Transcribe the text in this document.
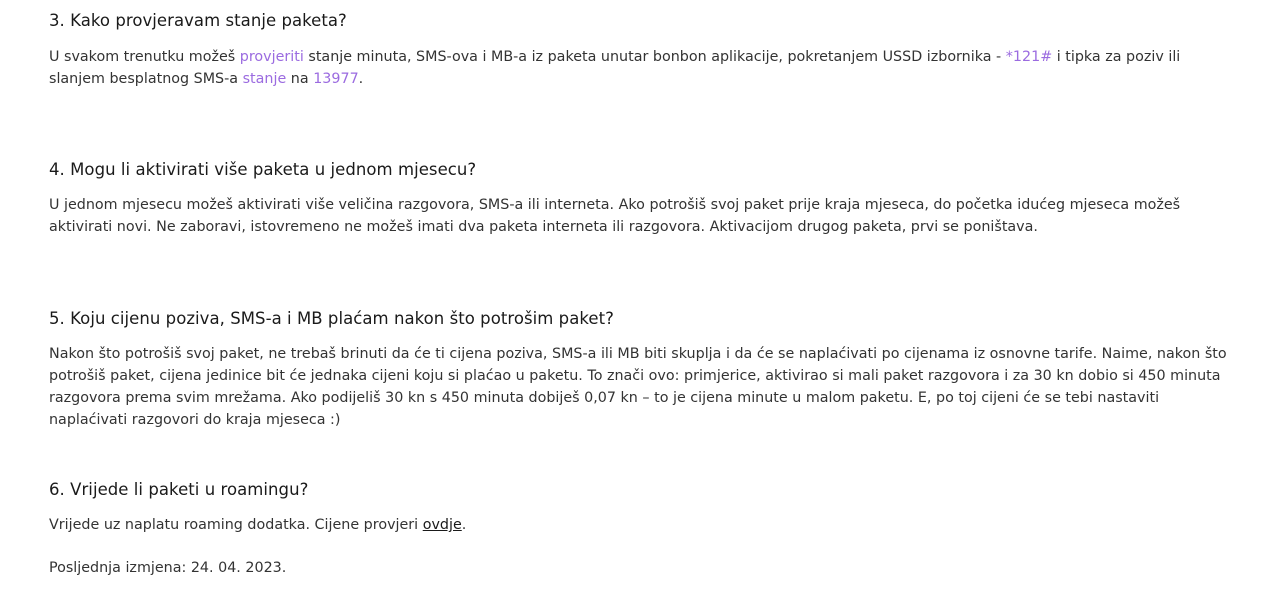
3. Kako provjeravam stanje paketa?

U svakom trenutku možeš provjeriti stanje minuta, SMS-ova i MB-a iz paketa unutar bonbon aplikacije, pokretanjem USSD izbornika - *121# i tipka za poziv ili slanjem besplatnog SMS-a stanje na 13977.

4. Mogu li aktivirati više paketa u jednom mjesecu?

U jednom mjesecu možeš aktivirati više veličina razgovora, SMS-a ili interneta. Ako potrošiš svoj paket prije kraja mjeseca, do početka idućeg mjeseca možeš aktivirati novi. Ne zaboravi, istovremeno ne možeš imati dva paketa interneta ili razgovora. Aktivacijom drugog paketa, prvi se poništava.

5. Koju cijenu poziva, SMS-a i MB plaćam nakon što potrošim paket?

Nakon što potrošiš svoj paket, ne trebaš brinuti da će ti cijena poziva, SMS-a ili MB biti skuplja i da će se naplaćivati po cijenama iz osnovne tarife. Naime, nakon što potrošiš paket, cijena jedinice bit će jednaka cijeni koju si plaćao u paketu. To znači ovo: primjerice, aktivirao si mali paket razgovora i za 30 kn dobio si 450 minuta razgovora prema svim mrežama. Ako podijeliš 30 kn s 450 minuta dobiješ 0,07 kn – to je cijena minute u malom paketu. E, po toj cijeni će se tebi nastaviti naplaćivati razgovori do kraja mjeseca :)

6. Vrijede li paketi u roamingu?

Vrijede uz naplatu roaming dodatka. Cijene provjeri ovdje.

Posljednja izmjena: 24. 04. 2023.
